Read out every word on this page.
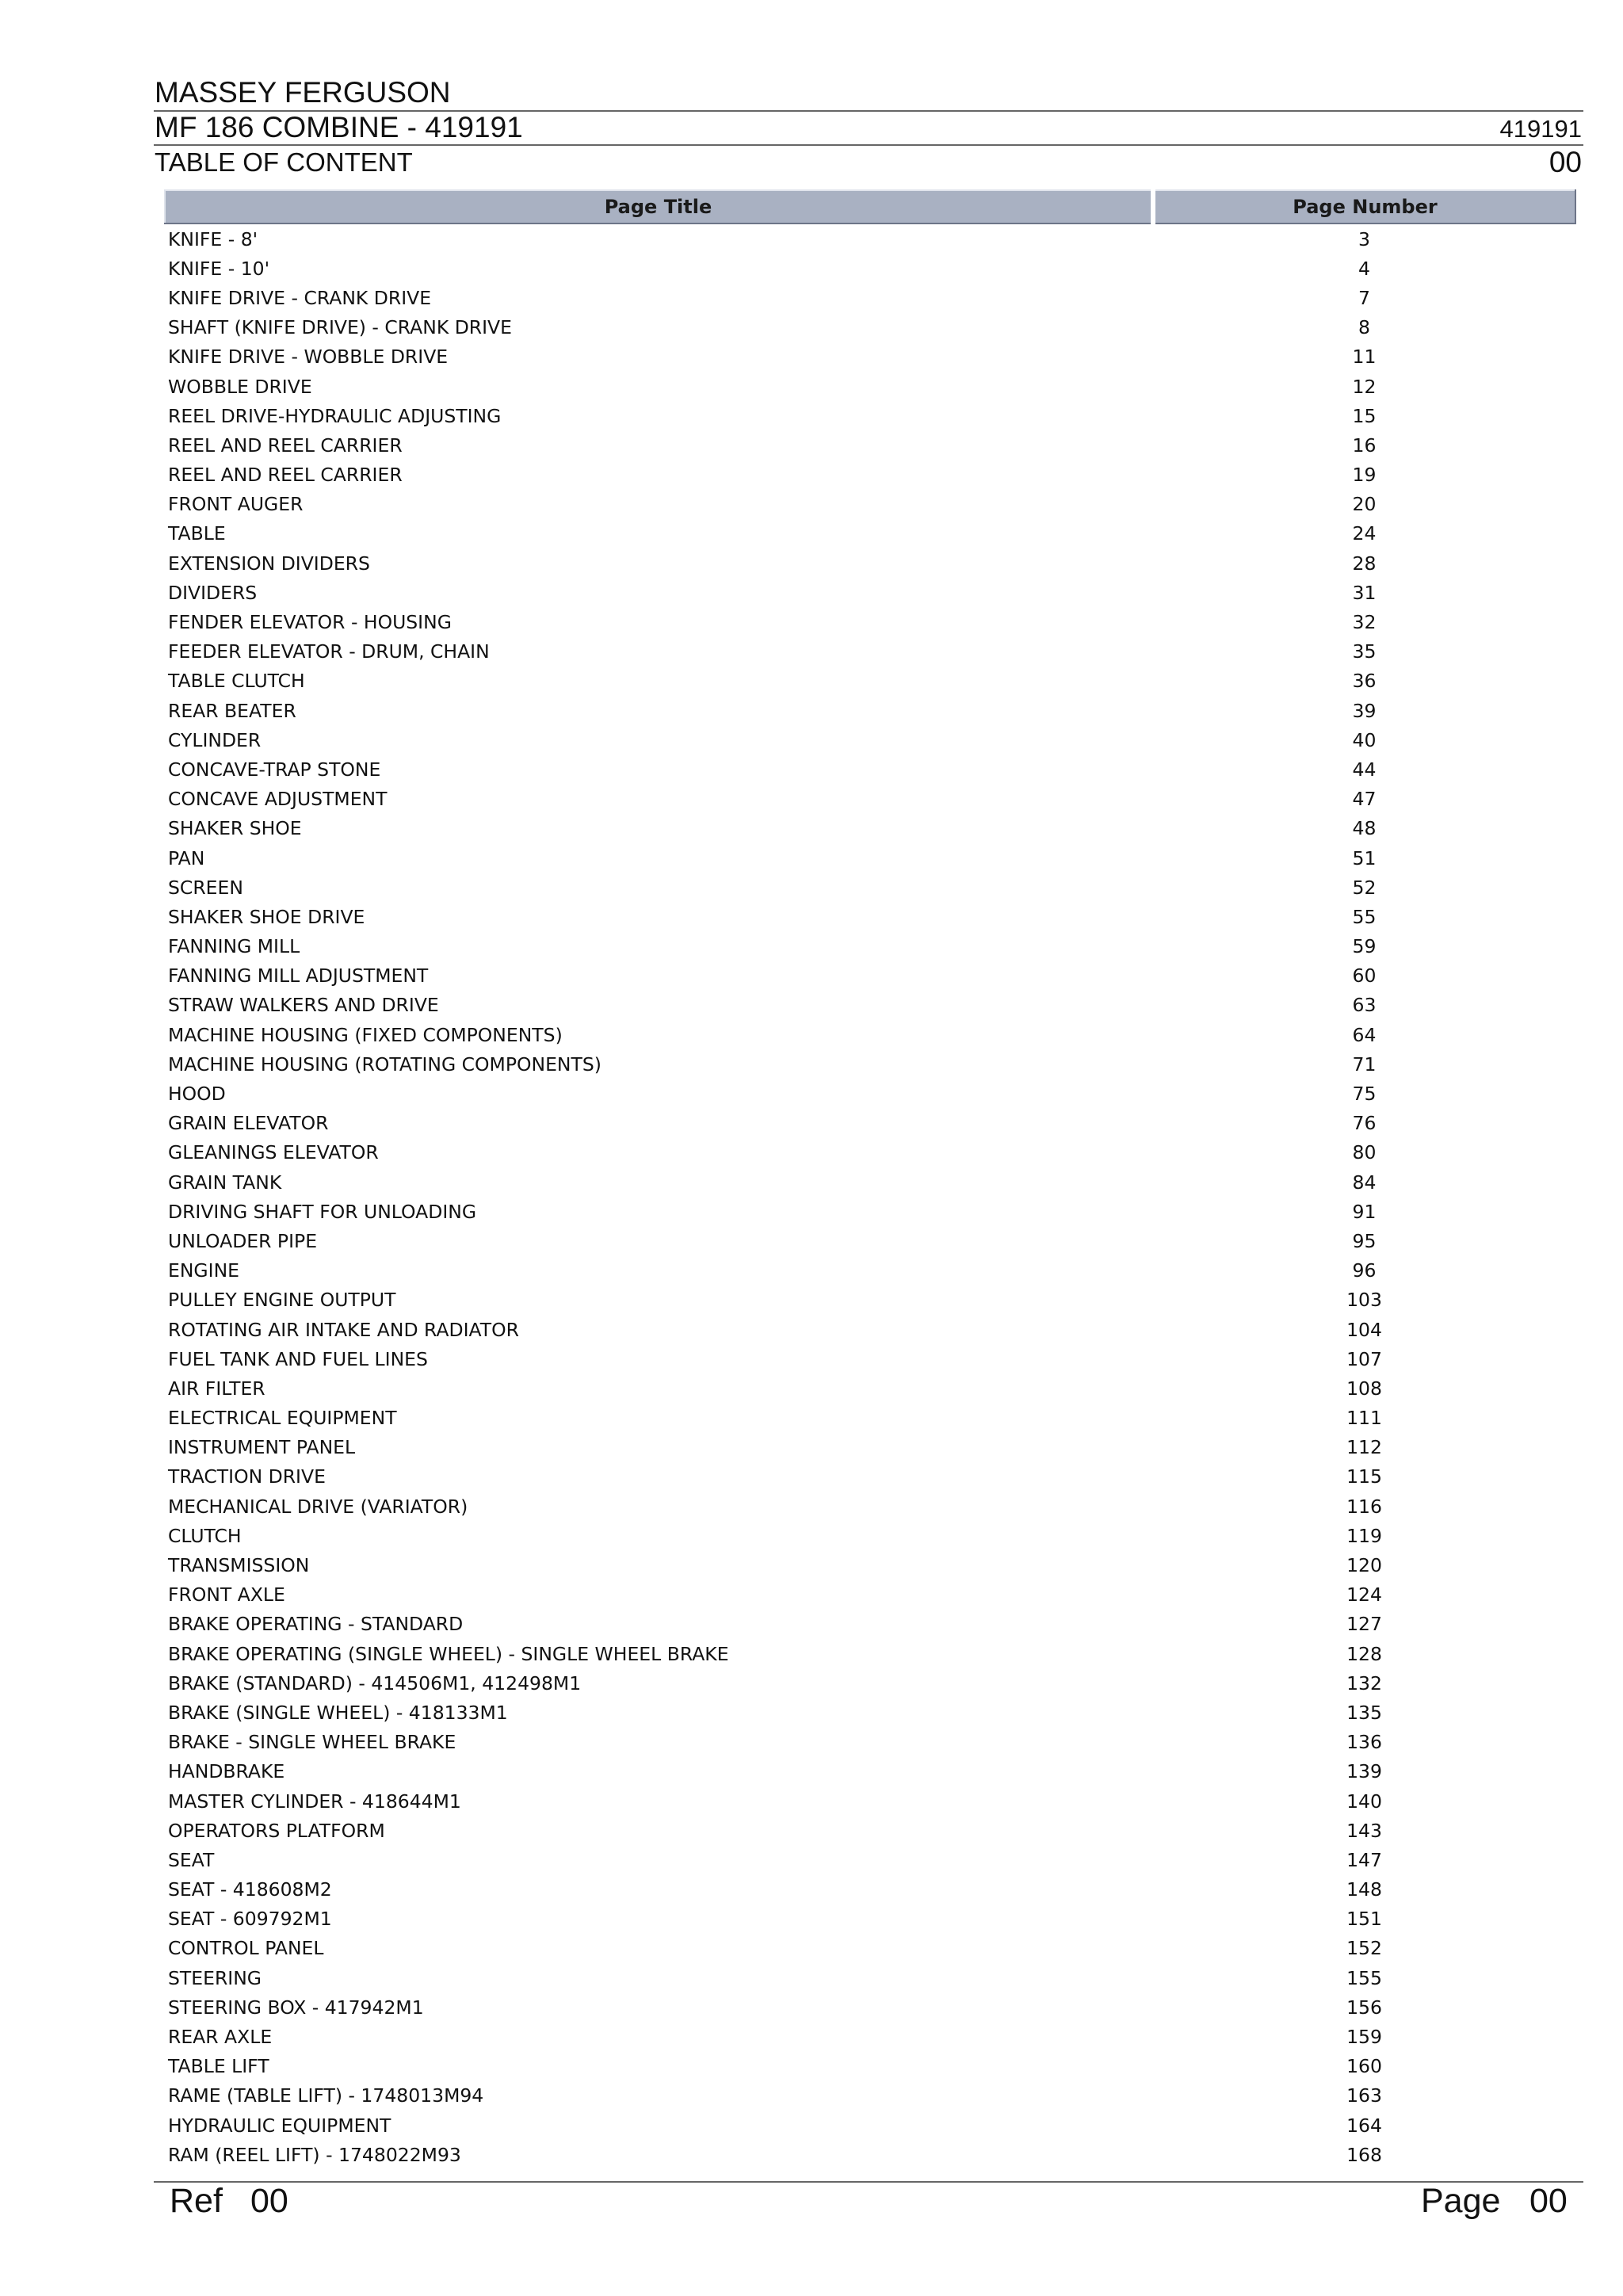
MASSEY FERGUSON
MF 186 COMBINE - 419191	419191
TABLE OF CONTENT	00
Page Title	Page Number
KNIFE - 8'	3
KNIFE - 10'	4
KNIFE DRIVE - CRANK DRIVE	7
SHAFT (KNIFE DRIVE) - CRANK DRIVE	8
KNIFE DRIVE - WOBBLE DRIVE	11
WOBBLE DRIVE	12
REEL DRIVE-HYDRAULIC ADJUSTING	15
REEL AND REEL CARRIER	16
REEL AND REEL CARRIER	19
FRONT AUGER	20
TABLE	24
EXTENSION DIVIDERS	28
DIVIDERS	31
FENDER ELEVATOR - HOUSING	32
FEEDER ELEVATOR - DRUM, CHAIN	35
TABLE CLUTCH	36
REAR BEATER	39
CYLINDER	40
CONCAVE-TRAP STONE	44
CONCAVE ADJUSTMENT	47
SHAKER SHOE	48
PAN	51
SCREEN	52
SHAKER SHOE DRIVE	55
FANNING MILL	59
FANNING MILL ADJUSTMENT	60
STRAW WALKERS AND DRIVE	63
MACHINE HOUSING (FIXED COMPONENTS)	64
MACHINE HOUSING (ROTATING COMPONENTS)	71
HOOD	75
GRAIN ELEVATOR	76
GLEANINGS ELEVATOR	80
GRAIN TANK	84
DRIVING SHAFT FOR UNLOADING	91
UNLOADER PIPE	95
ENGINE	96
PULLEY ENGINE OUTPUT	103
ROTATING AIR INTAKE AND RADIATOR	104
FUEL TANK AND FUEL LINES	107
AIR FILTER	108
ELECTRICAL EQUIPMENT	111
INSTRUMENT PANEL	112
TRACTION DRIVE	115
MECHANICAL DRIVE (VARIATOR)	116
CLUTCH	119
TRANSMISSION	120
FRONT AXLE	124
BRAKE OPERATING - STANDARD	127
BRAKE OPERATING (SINGLE WHEEL) - SINGLE WHEEL BRAKE	128
BRAKE (STANDARD) - 414506M1, 412498M1	132
BRAKE (SINGLE WHEEL) - 418133M1	135
BRAKE - SINGLE WHEEL BRAKE	136
HANDBRAKE	139
MASTER CYLINDER - 418644M1	140
OPERATORS PLATFORM	143
SEAT	147
SEAT - 418608M2	148
SEAT - 609792M1	151
CONTROL PANEL	152
STEERING	155
STEERING BOX - 417942M1	156
REAR AXLE	159
TABLE LIFT	160
RAME (TABLE LIFT) - 1748013M94	163
HYDRAULIC EQUIPMENT	164
RAM (REEL LIFT) - 1748022M93	168
Ref 00	Page 00
